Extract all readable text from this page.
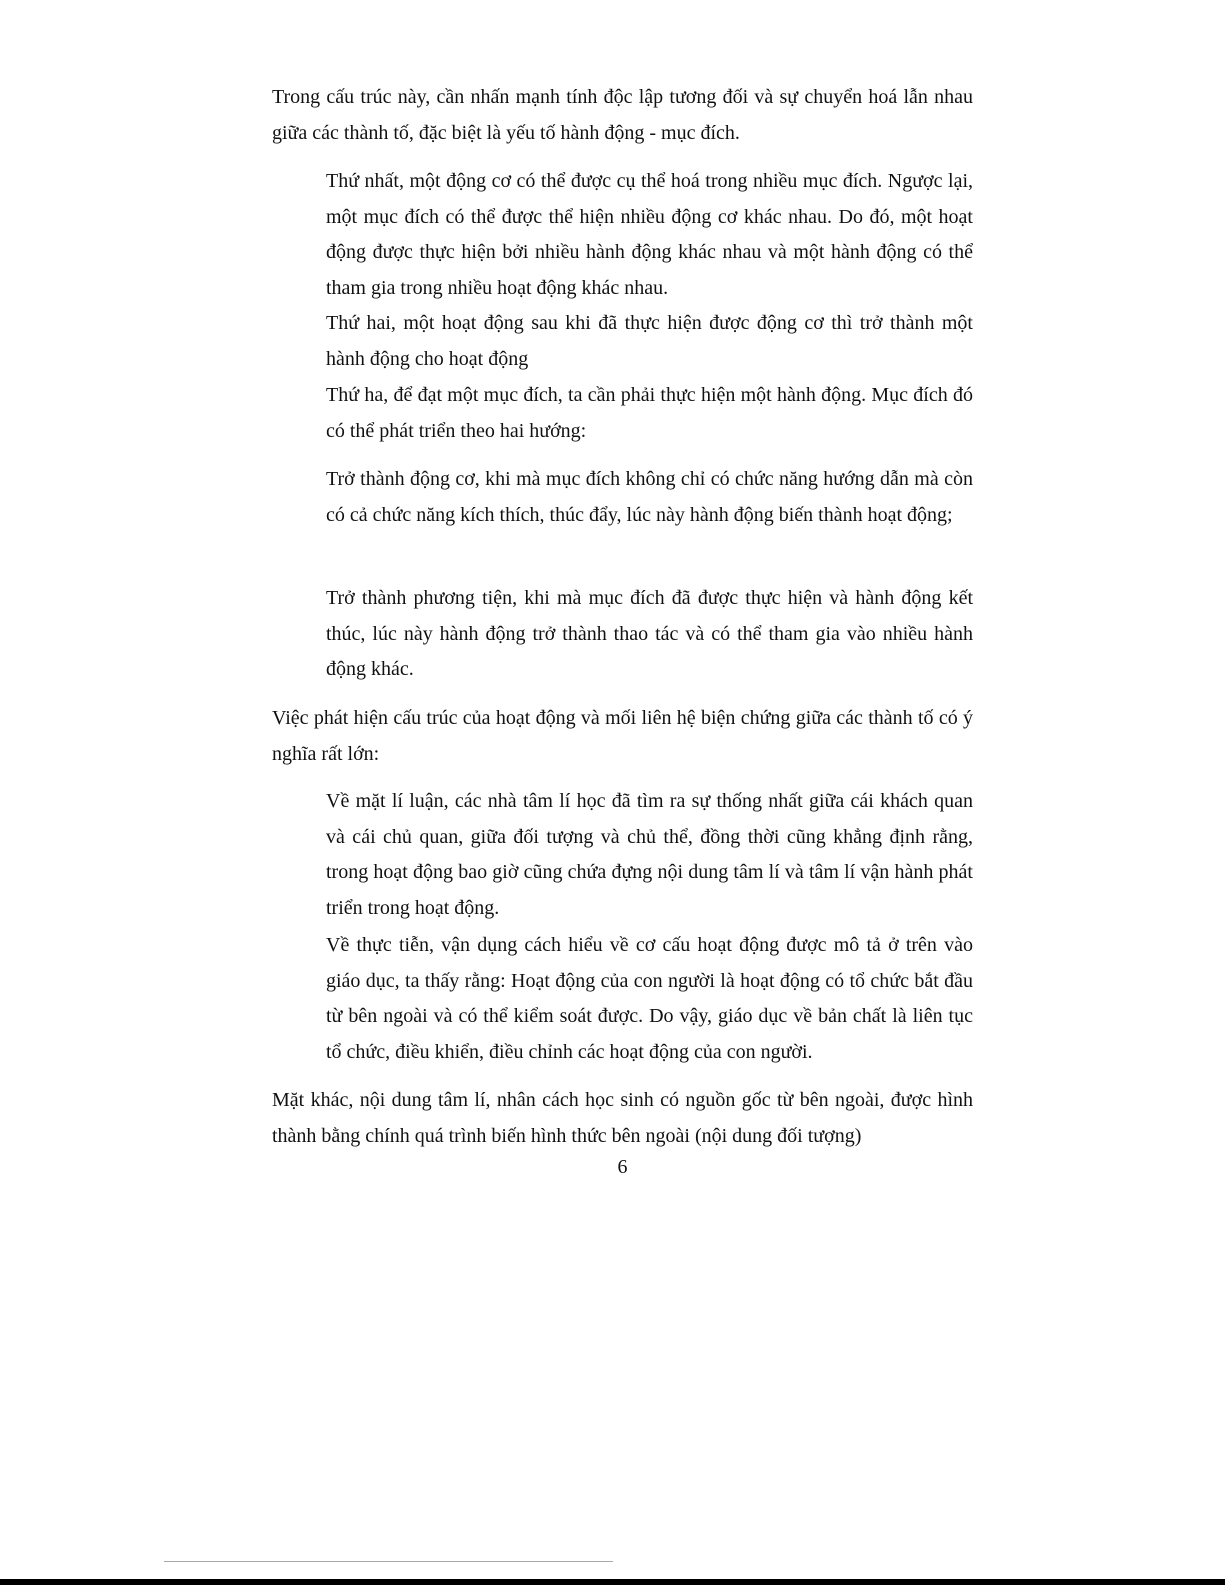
Trong cấu trúc này, cần nhấn mạnh tính độc lập tương đối và sự chuyển hoá lẫn nhau giữa các thành tố, đặc biệt là yếu tố hành động - mục đích.

Thứ nhất, một động cơ có thể được cụ thể hoá trong nhiều mục đích. Ngược lại, một mục đích có thể được thể hiện nhiều động cơ khác nhau. Do đó, một hoạt động được thực hiện bởi nhiều hành động khác nhau và một hành động có thể tham gia trong nhiều hoạt động khác nhau.

Thứ hai, một hoạt động sau khi đã thực hiện được động cơ thì trở thành một hành động cho hoạt động

Thứ ha, để đạt một mục đích, ta cần phải thực hiện một hành động. Mục đích đó có thể phát triển theo hai hướng:

Trở thành động cơ, khi mà mục đích không chỉ có chức năng hướng dẫn mà còn có cả chức năng kích thích, thúc đẩy, lúc này hành động biến thành hoạt động;

Trở thành phương tiện, khi mà mục đích đã được thực hiện và hành động kết thúc, lúc này hành động trở thành thao tác và có thể tham gia vào nhiều hành động khác.

Việc phát hiện cấu trúc của hoạt động và mối liên hệ biện chứng giữa các thành tố có ý nghĩa rất lớn:

Về mặt lí luận, các nhà tâm lí học đã tìm ra sự thống nhất giữa cái khách quan và cái chủ quan, giữa đối tượng và chủ thể, đồng thời cũng khẳng định rằng, trong hoạt động bao giờ cũng chứa đựng nội dung tâm lí và tâm lí vận hành phát triển trong hoạt động.

Về thực tiễn, vận dụng cách hiểu về cơ cấu hoạt động được mô tả ở trên vào giáo dục, ta thấy rằng: Hoạt động của con người là hoạt động có tổ chức bắt đầu từ bên ngoài và có thể kiểm soát được. Do vậy, giáo dục về bản chất là liên tục tổ chức, điều khiển, điều chỉnh các hoạt động của con người.

Mặt khác, nội dung tâm lí, nhân cách học sinh có nguồn gốc từ bên ngoài, được hình thành bằng chính quá trình biến hình thức bên ngoài (nội dung đối tượng)

6
